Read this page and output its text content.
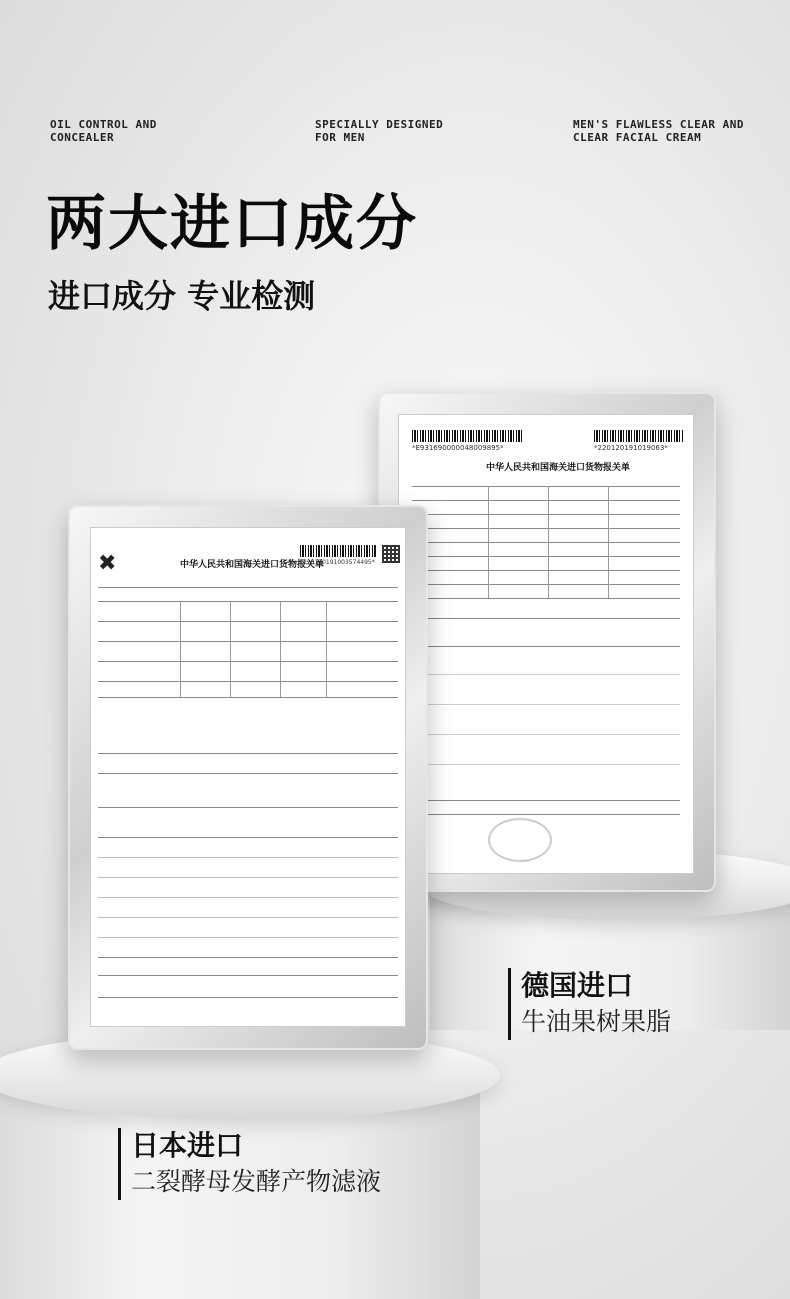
OIL CONTROL AND CONCEALER
SPECIALLY DESIGNED FOR MEN
MEN'S FLAWLESS CLEAR AND CLEAR FACIAL CREAM
两大进口成分
进口成分 专业检测
*E931690000048009895*	*220120191019063*
中华人民共和国海关进口货物报关单
✖	中华人民共和国海关进口货物报关单
*220120191003574495*
德国进口
牛油果树果脂
日本进口
二裂酵母发酵产物滤液
